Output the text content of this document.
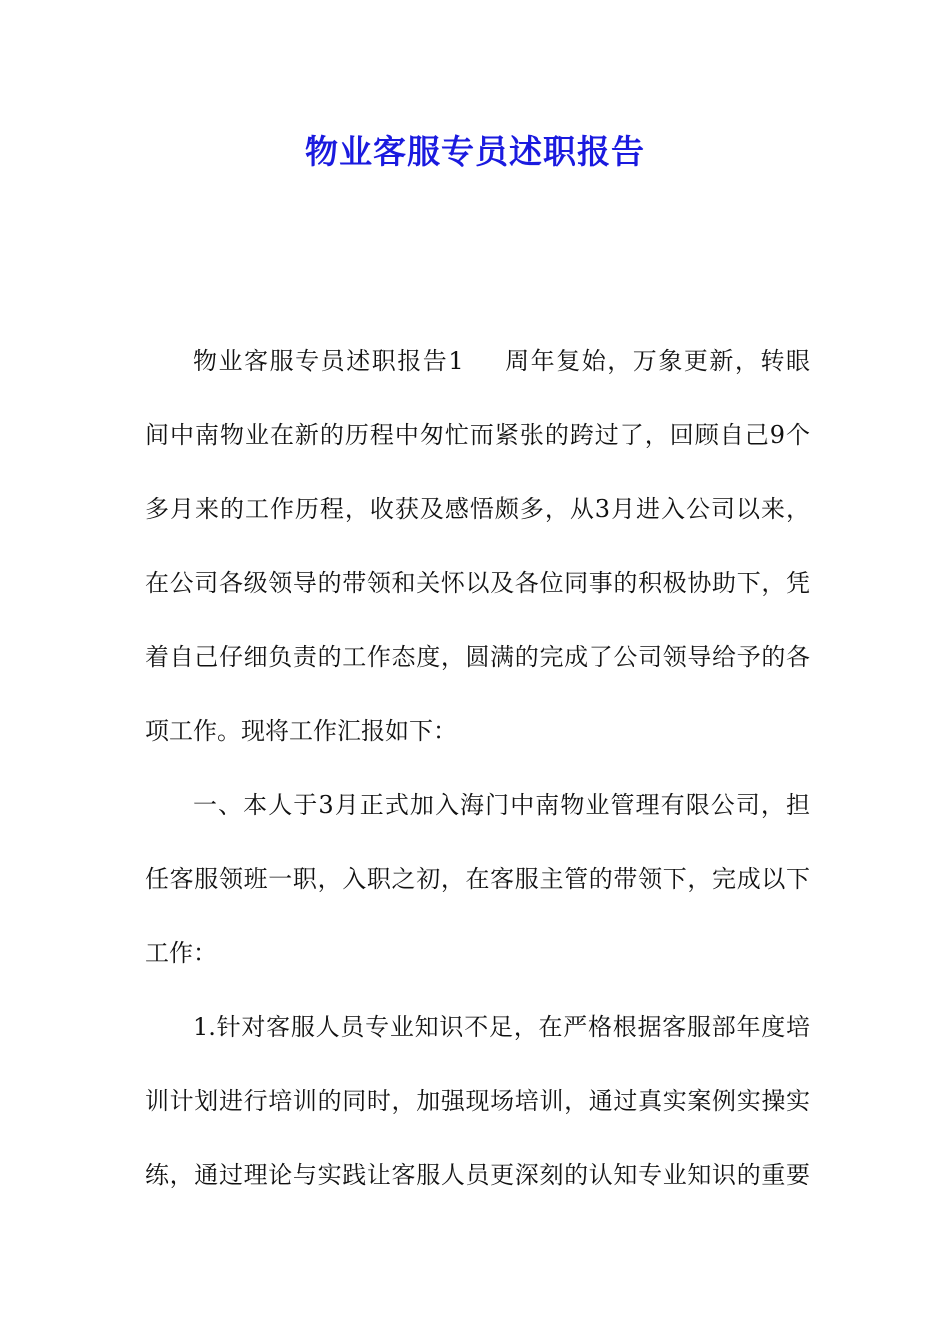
物业客服专员述职报告
物业客服专员述职报告1 周年复始，万象更新，转眼
间中南物业在新的历程中匆忙而紧张的跨过了，回顾自己9个
多月来的工作历程，收获及感悟颇多，从3月进入公司以来，
在公司各级领导的带领和关怀以及各位同事的积极协助下，凭
着自己仔细负责的工作态度，圆满的完成了公司领导给予的各
项工作。现将工作汇报如下：
一、本人于3月正式加入海门中南物业管理有限公司，担
任客服领班一职，入职之初，在客服主管的带领下，完成以下
工作：
1.针对客服人员专业知识不足，在严格根据客服部年度培
训计划进行培训的同时，加强现场培训，通过真实案例实操实
练，通过理论与实践让客服人员更深刻的认知专业知识的重要
